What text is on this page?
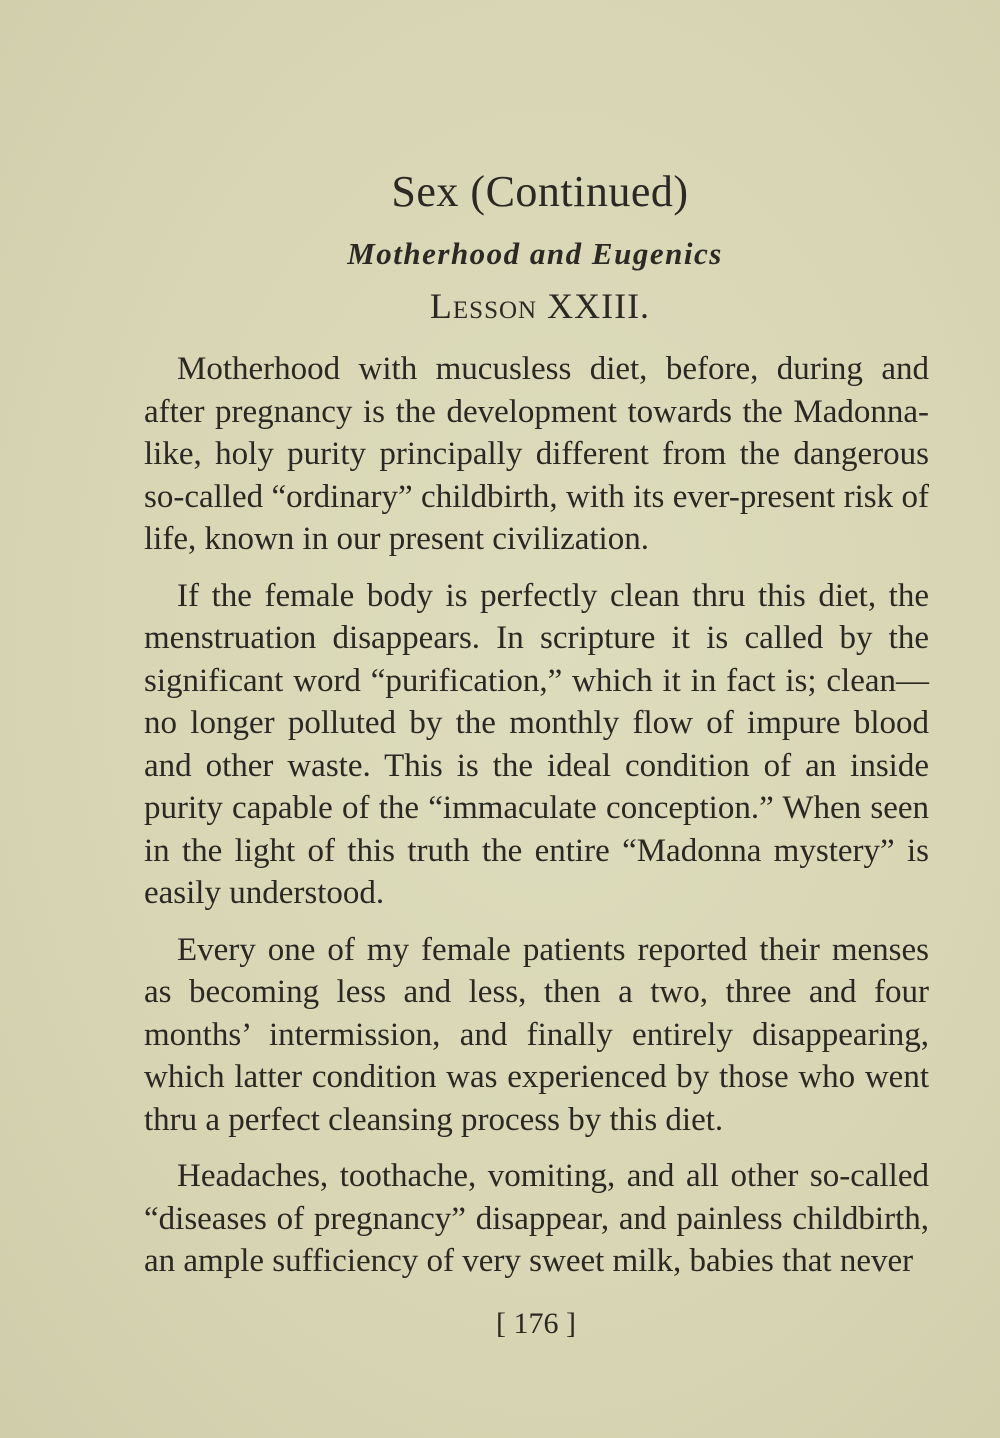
Sex (Continued)
Motherhood and Eugenics
Lesson XXIII.

Motherhood with mucusless diet, before, during and after pregnancy is the development towards the Madonna-like, holy purity principally different from the dangerous so-called “ordinary” childbirth, with its ever-present risk of life, known in our present civilization.

If the female body is perfectly clean thru this diet, the menstruation disappears. In scripture it is called by the significant word “purification,” which it in fact is; clean— no longer polluted by the monthly flow of impure blood and other waste. This is the ideal condition of an inside purity capable of the “immaculate conception.” When seen in the light of this truth the entire “Madonna mystery” is easily understood.

Every one of my female patients reported their menses as becoming less and less, then a two, three and four months’ intermission, and finally entirely disappearing, which latter condition was experienced by those who went thru a perfect cleansing process by this diet.

Headaches, toothache, vomiting, and all other so-called “diseases of pregnancy” disappear, and painless childbirth, an ample sufficiency of very sweet milk, babies that never

[ 176 ]
